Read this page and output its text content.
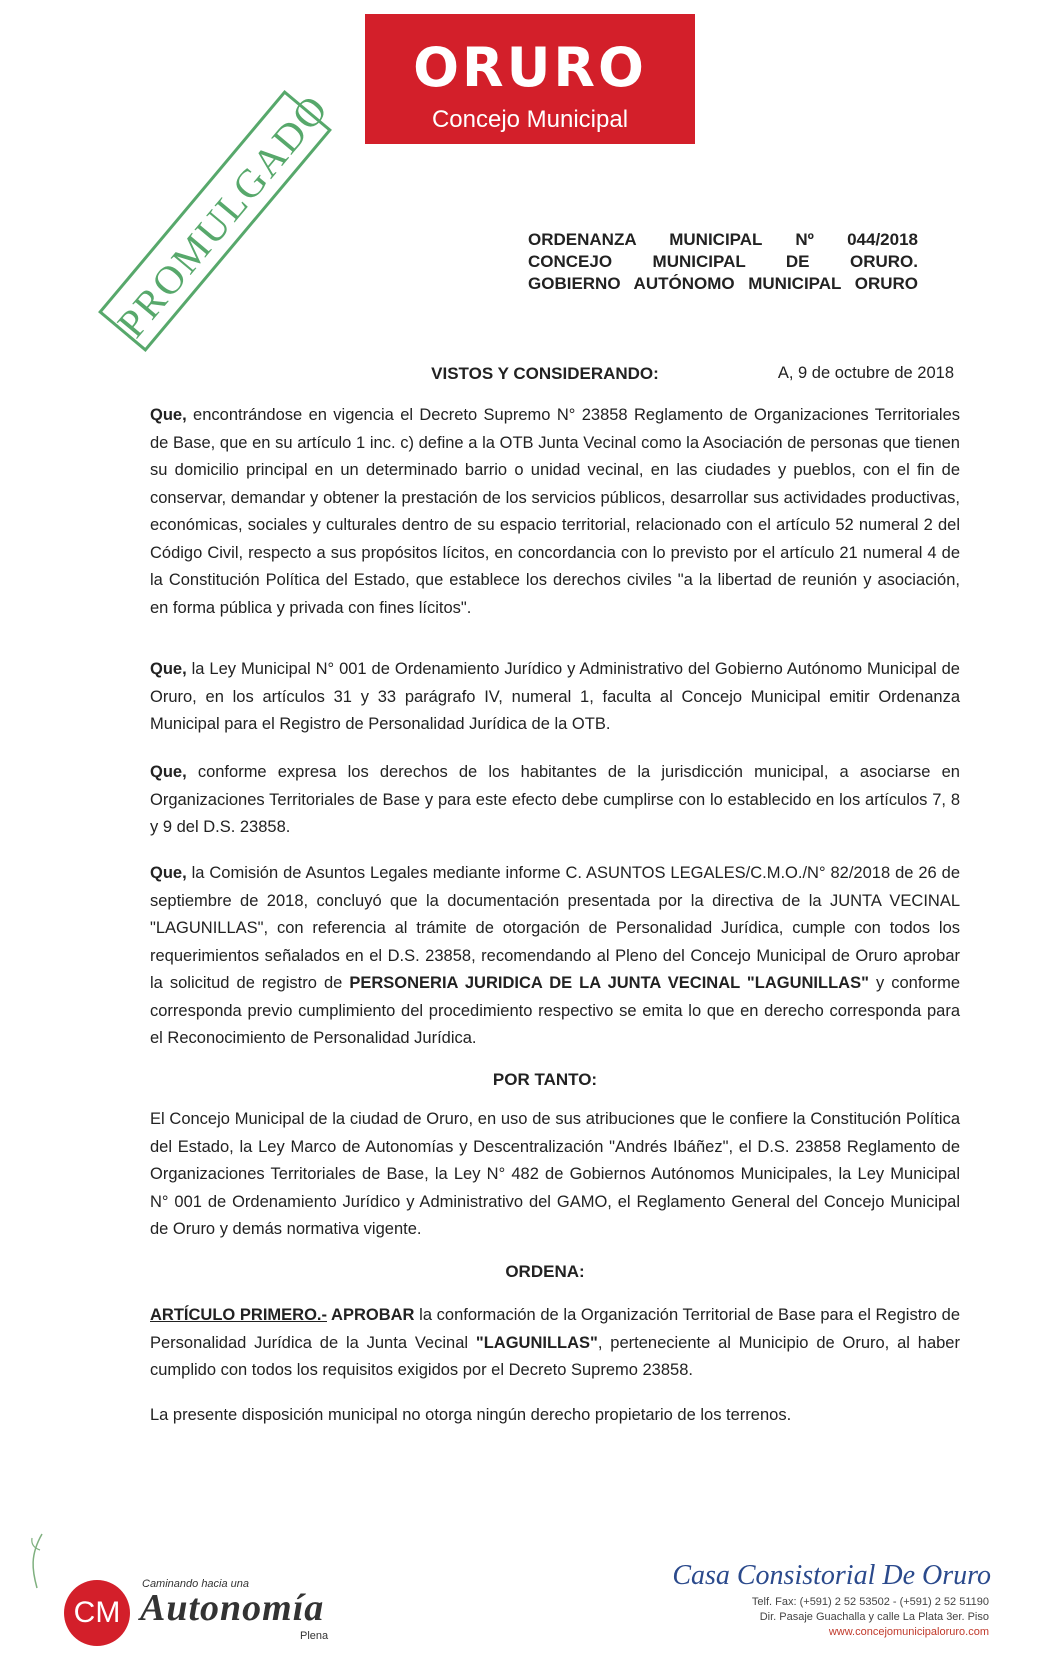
ORURO
Concejo Municipal
PROMULGADO	ORDENANZA MUNICIPAL Nº 044/2018
CONCEJO MUNICIPAL DE ORURO.
GOBIERNO AUTÓNOMO MUNICIPAL ORURO
A, 9 de octubre de 2018
VISTOS Y CONSIDERANDO:
Que, encontrándose en vigencia el Decreto Supremo N° 23858 Reglamento de Organizaciones Territoriales de Base, que en su artículo 1 inc. c) define a la OTB Junta Vecinal como la Asociación de personas que tienen su domicilio principal en un determinado barrio o unidad vecinal, en las ciudades y pueblos, con el fin de conservar, demandar y obtener la prestación de los servicios públicos, desarrollar sus actividades productivas, económicas, sociales y culturales dentro de su espacio territorial, relacionado con el artículo 52 numeral 2 del Código Civil, respecto a sus propósitos lícitos, en concordancia con lo previsto por el artículo 21 numeral 4 de la Constitución Política del Estado, que establece los derechos civiles "a la libertad de reunión y asociación, en forma pública y privada con fines lícitos".
Que, la Ley Municipal N° 001 de Ordenamiento Jurídico y Administrativo del Gobierno Autónomo Municipal de Oruro, en los artículos 31 y 33 parágrafo IV, numeral 1, faculta al Concejo Municipal emitir Ordenanza Municipal para el Registro de Personalidad Jurídica de la OTB.
Que, conforme expresa los derechos de los habitantes de la jurisdicción municipal, a asociarse en Organizaciones Territoriales de Base y para este efecto debe cumplirse con lo establecido en los artículos 7, 8 y 9 del D.S. 23858.
Que, la Comisión de Asuntos Legales mediante informe C. ASUNTOS LEGALES/C.M.O./N° 82/2018 de 26 de septiembre de 2018, concluyó que la documentación presentada por la directiva de la JUNTA VECINAL "LAGUNILLAS", con referencia al trámite de otorgación de Personalidad Jurídica, cumple con todos los requerimientos señalados en el D.S. 23858, recomendando al Pleno del Concejo Municipal de Oruro aprobar la solicitud de registro de PERSONERIA JURIDICA DE LA JUNTA VECINAL "LAGUNILLAS" y conforme corresponda previo cumplimiento del procedimiento respectivo se emita lo que en derecho corresponda para el Reconocimiento de Personalidad Jurídica.
POR TANTO:
El Concejo Municipal de la ciudad de Oruro, en uso de sus atribuciones que le confiere la Constitución Política del Estado, la Ley Marco de Autonomías y Descentralización "Andrés Ibáñez", el D.S. 23858 Reglamento de Organizaciones Territoriales de Base, la Ley N° 482 de Gobiernos Autónomos Municipales, la Ley Municipal N° 001 de Ordenamiento Jurídico y Administrativo del GAMO, el Reglamento General del Concejo Municipal de Oruro y demás normativa vigente.
ORDENA:
ARTÍCULO PRIMERO.- APROBAR la conformación de la Organización Territorial de Base para el Registro de Personalidad Jurídica de la Junta Vecinal "LAGUNILLAS", perteneciente al Municipio de Oruro, al haber cumplido con todos los requisitos exigidos por el Decreto Supremo 23858.
La presente disposición municipal no otorga ningún derecho propietario de los terrenos.
CM
Caminando hacia una
Autonomía
Plena
Casa Consistorial De Oruro
Telf. Fax: (+591) 2 52 53502 - (+591) 2 52 51190
Dir. Pasaje Guachalla y calle La Plata 3er. Piso
www.concejomunicipaloruro.com
